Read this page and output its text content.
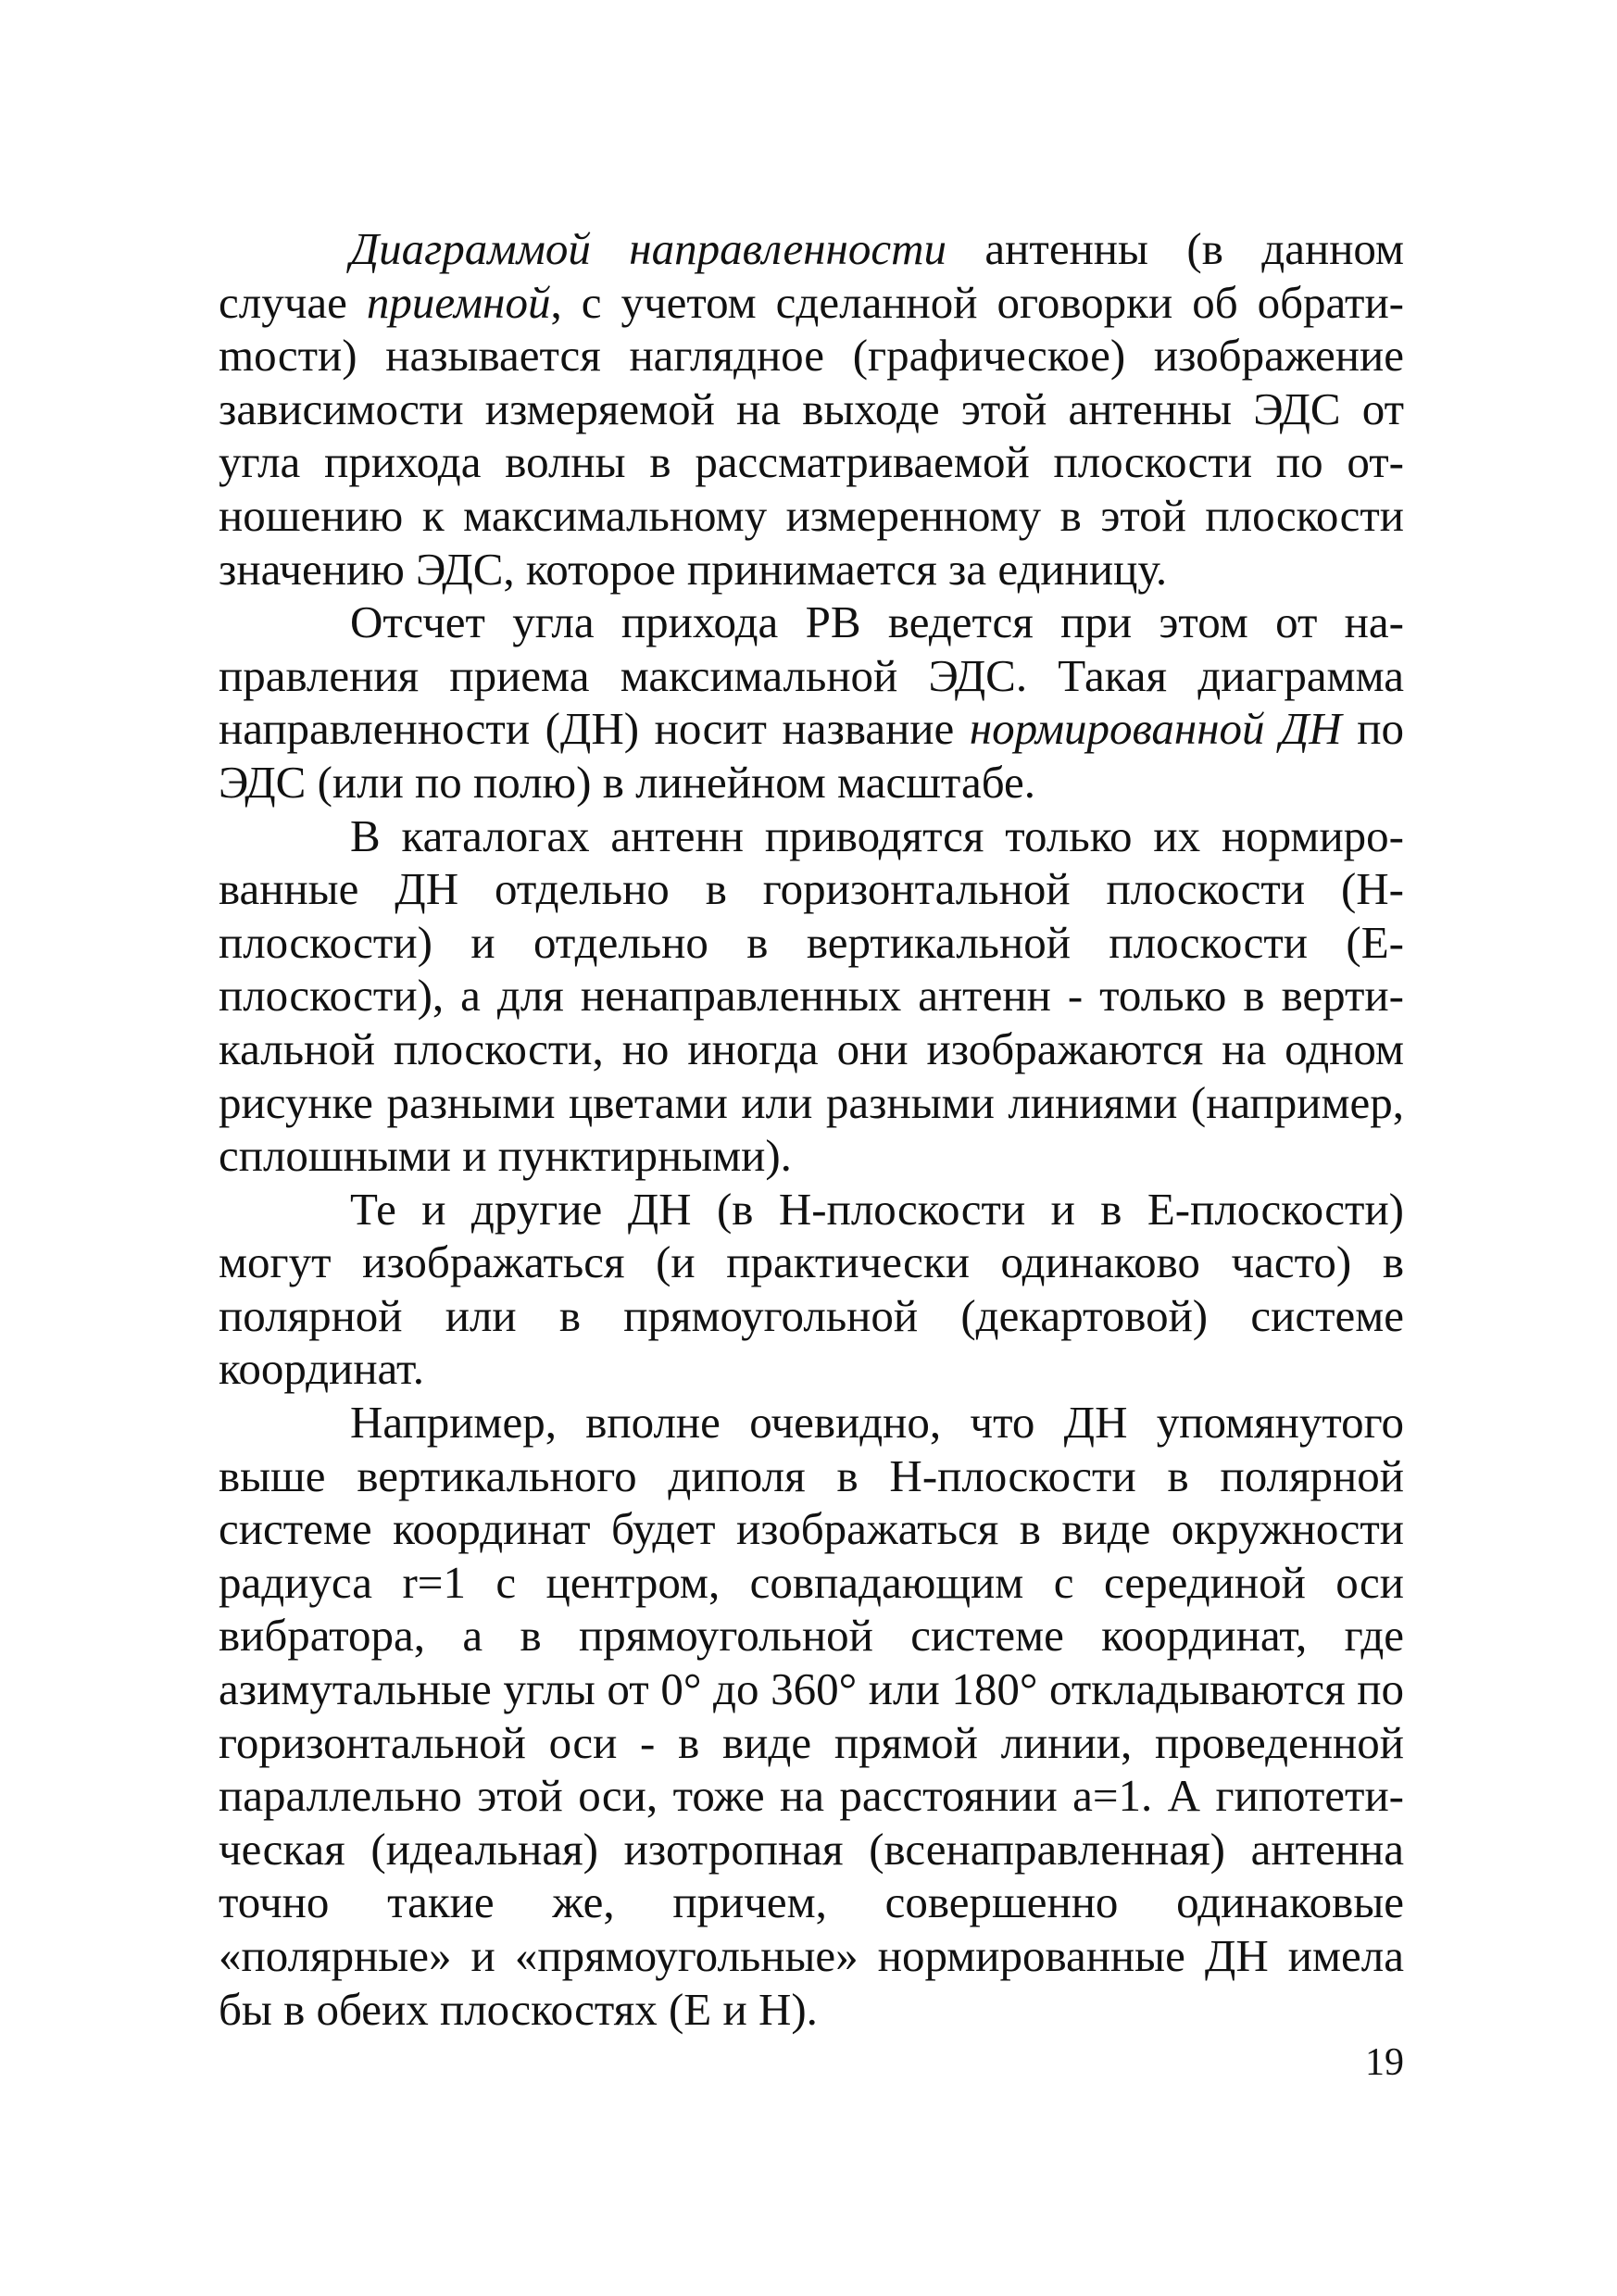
Диаграммой направленности антенны (в данном случае приемной, с учетом сделанной оговорки об обратиmости) называется наглядное (графическое) изображение зависимости измеряемой на выходе этой антенны ЭДС от угла прихода волны в рассматриваемой плоскости по отношению к максимальному измеренному в этой плоскости значению ЭДС, которое принимается за единицу.

Отсчет угла прихода РВ ведется при этом от направления приема максимальной ЭДС. Такая диаграмма направленности (ДН) носит название нормированной ДН по ЭДС (или по полю) в линейном масштабе.

В каталогах антенн приводятся только их нормированные ДН отдельно в горизонтальной плоскости (Н-плоскости) и отдельно в вертикальной плоскости (Е-плоскости), а для ненаправленных антенн - только в вертикальной плоскости, но иногда они изображаются на одном рисунке разными цветами или разными линиями (например, сплошными и пунктирными).

Те и другие ДН (в Н-плоскости и в Е-плоскости) могут изображаться (и практически одинаково часто) в полярной или в прямоугольной (декартовой) системе координат.

Например, вполне очевидно, что ДН упомянутого выше вертикального диполя в Н-плоскости в полярной системе координат будет изображаться в виде окружности радиуса r=1 с центром, совпадающим с серединой оси вибратора, а в прямоугольной системе координат, где азимутальные углы от 0° до 360° или 180° откладываются по горизонтальной оси - в виде прямой линии, проведенной параллельно этой оси, тоже на расстоянии а=1. А гипотетическая (идеальная) изотропная (всенаправленная) антенна точно такие же, причем, совершенно одинаковые «полярные» и «прямоугольные» нормированные ДН имела бы в обеих плоскостях (Е и Н).

19
